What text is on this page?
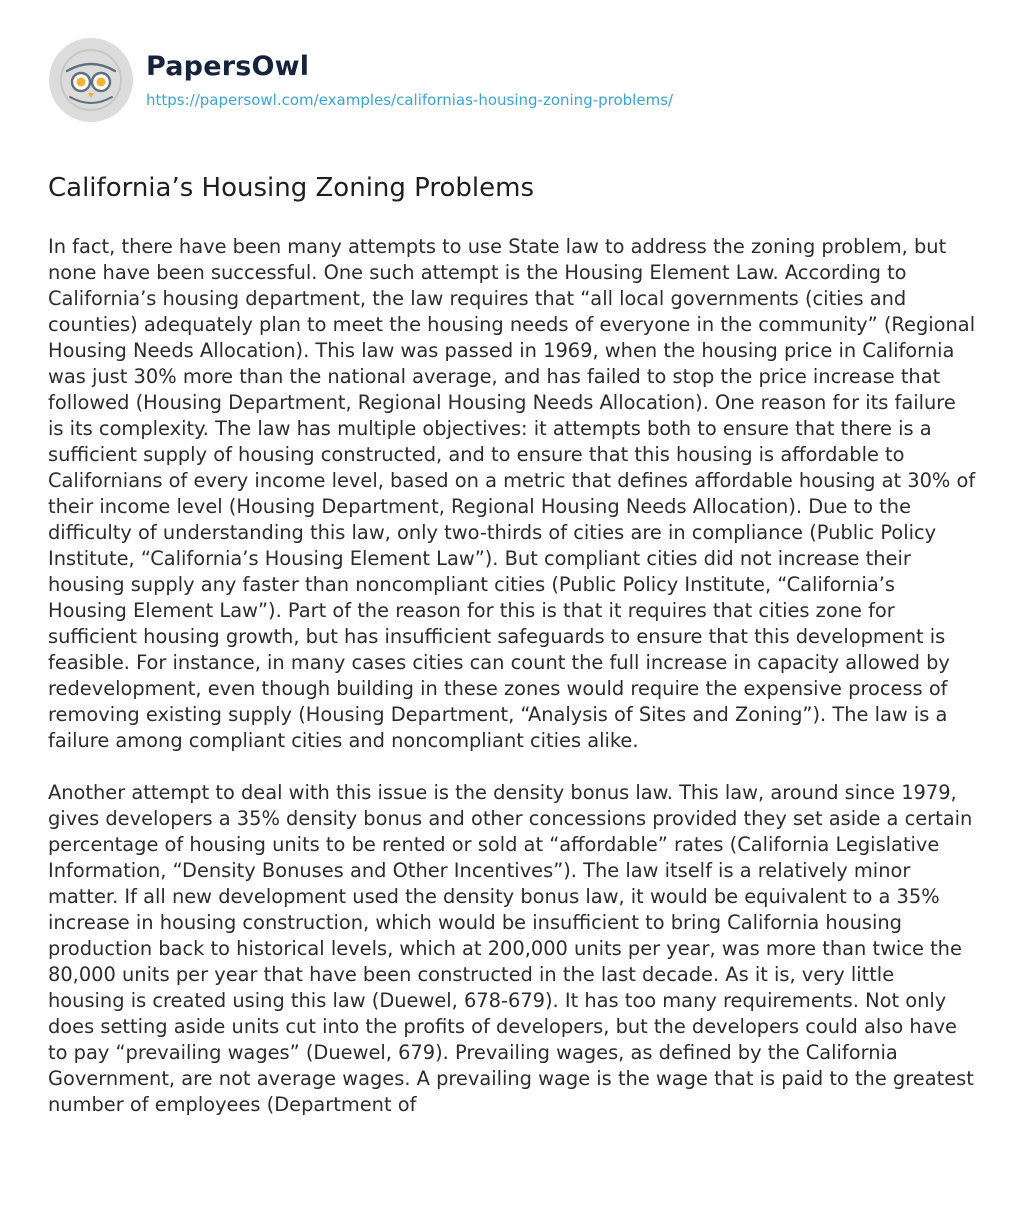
PapersOwl
https://papersowl.com/examples/californias-housing-zoning-problems/
California’s Housing Zoning Problems

In fact, there have been many attempts to use State law to address the zoning problem, but none have been successful. One such attempt is the Housing Element Law. According to California’s housing department, the law requires that “all local governments (cities and counties) adequately plan to meet the housing needs of everyone in the community” (Regional Housing Needs Allocation). This law was passed in 1969, when the housing price in California was just 30% more than the national average, and has failed to stop the price increase that followed (Housing Department, Regional Housing Needs Allocation). One reason for its failure is its complexity. The law has multiple objectives: it attempts both to ensure that there is a sufficient supply of housing constructed, and to ensure that this housing is affordable to Californians of every income level, based on a metric that defines affordable housing at 30% of their income level (Housing Department, Regional Housing Needs Allocation). Due to the difficulty of understanding this law, only two-thirds of cities are in compliance (Public Policy Institute, “California’s Housing Element Law”). But compliant cities did not increase their housing supply any faster than noncompliant cities (Public Policy Institute, “California’s Housing Element Law”). Part of the reason for this is that it requires that cities zone for sufficient housing growth, but has insufficient safeguards to ensure that this development is feasible. For instance, in many cases cities can count the full increase in capacity allowed by redevelopment, even though building in these zones would require the expensive process of removing existing supply (Housing Department, “Analysis of Sites and Zoning”). The law is a failure among compliant cities and noncompliant cities alike.

Another attempt to deal with this issue is the density bonus law. This law, around since 1979, gives developers a 35% density bonus and other concessions provided they set aside a certain percentage of housing units to be rented or sold at “affordable” rates (California Legislative Information, “Density Bonuses and Other Incentives”). The law itself is a relatively minor matter. If all new development used the density bonus law, it would be equivalent to a 35% increase in housing construction, which would be insufficient to bring California housing production back to historical levels, which at 200,000 units per year, was more than twice the 80,000 units per year that have been constructed in the last decade. As it is, very little housing is created using this law (Duewel, 678-679). It has too many requirements. Not only does setting aside units cut into the profits of developers, but the developers could also have to pay “prevailing wages” (Duewel, 679). Prevailing wages, as defined by the California Government, are not average wages. A prevailing wage is the wage that is paid to the greatest number of employees (Department of
